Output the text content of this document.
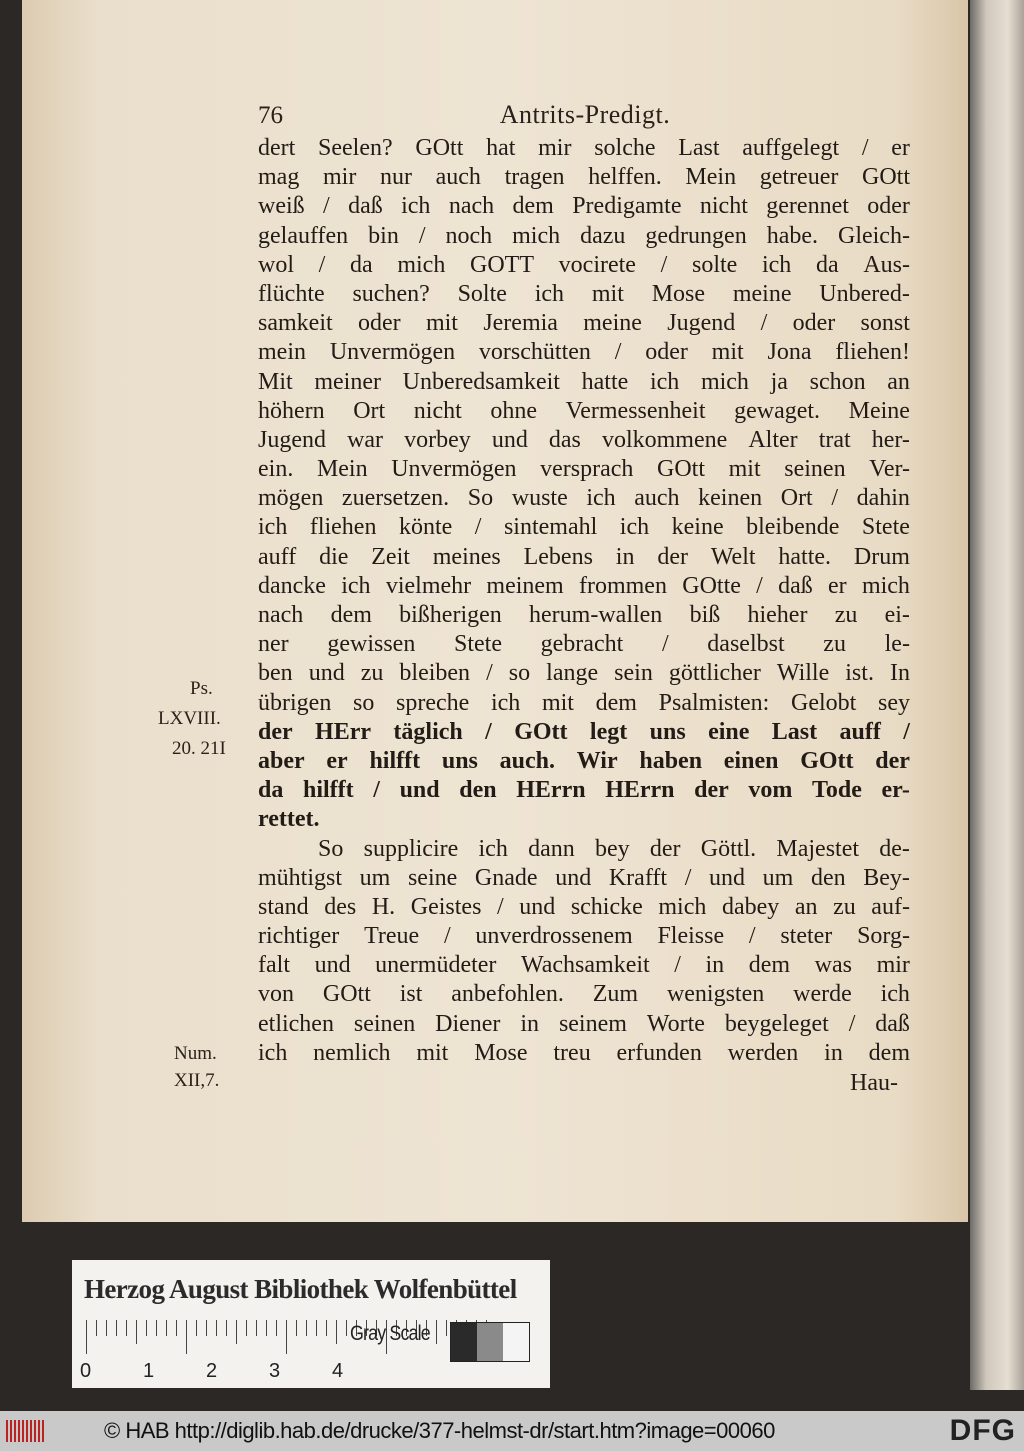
76	Antrits-Predigt.
dert Seelen? GOtt hat mir solche Last auffgelegt / er
mag mir nur auch tragen helffen. Mein getreuer GOtt
weiß / daß ich nach dem Predigamte nicht gerennet oder
gelauffen bin / noch mich dazu gedrungen habe. Gleich-
wol / da mich GOTT vocirete / solte ich da Aus-
flüchte suchen? Solte ich mit Mose meine Unbered-
samkeit oder mit Jeremia meine Jugend / oder sonst
mein Unvermögen vorschütten / oder mit Jona fliehen!
Mit meiner Unberedsamkeit hatte ich mich ja schon an
höhern Ort nicht ohne Vermessenheit gewaget. Meine
Jugend war vorbey und das volkommene Alter trat her-
ein. Mein Unvermögen versprach GOtt mit seinen Ver-
mögen zuersetzen. So wuste ich auch keinen Ort / dahin
ich fliehen könte / sintemahl ich keine bleibende Stete
auff die Zeit meines Lebens in der Welt hatte. Drum
dancke ich vielmehr meinem frommen GOtte / daß er mich
nach dem bißherigen herum-wallen biß hieher zu ei-
ner gewissen Stete gebracht / daselbst zu le-
ben und zu bleiben / so lange sein göttlicher Wille ist. In
übrigen so spreche ich mit dem Psalmisten: Gelobt sey
der HErr täglich / GOtt legt uns eine Last auff /
aber er hilfft uns auch. Wir haben einen GOtt der
da hilfft / und den HErrn HErrn der vom Tode er-
rettet.
So supplicire ich dann bey der Göttl. Majestet de-
mühtigst um seine Gnade und Krafft / und um den Bey-
stand des H. Geistes / und schicke mich dabey an zu auf-
richtiger Treue / unverdrossenem Fleisse / steter Sorg-
falt und unermüdeter Wachsamkeit / in dem was mir
von GOtt ist anbefohlen. Zum wenigsten werde ich
etlichen seinen Diener in seinem Worte beygeleget / daß
ich nemlich mit Mose treu erfunden werden in dem
Ps.
LXVIII.
20. 21I
Num.
XII,7.	Hau-
Herzog August Bibliothek Wolfenbüttel
Gray Scale
0	1	2	3	4
© HAB http://diglib.hab.de/drucke/377-helmst-dr/start.htm?image=00060	DFG
